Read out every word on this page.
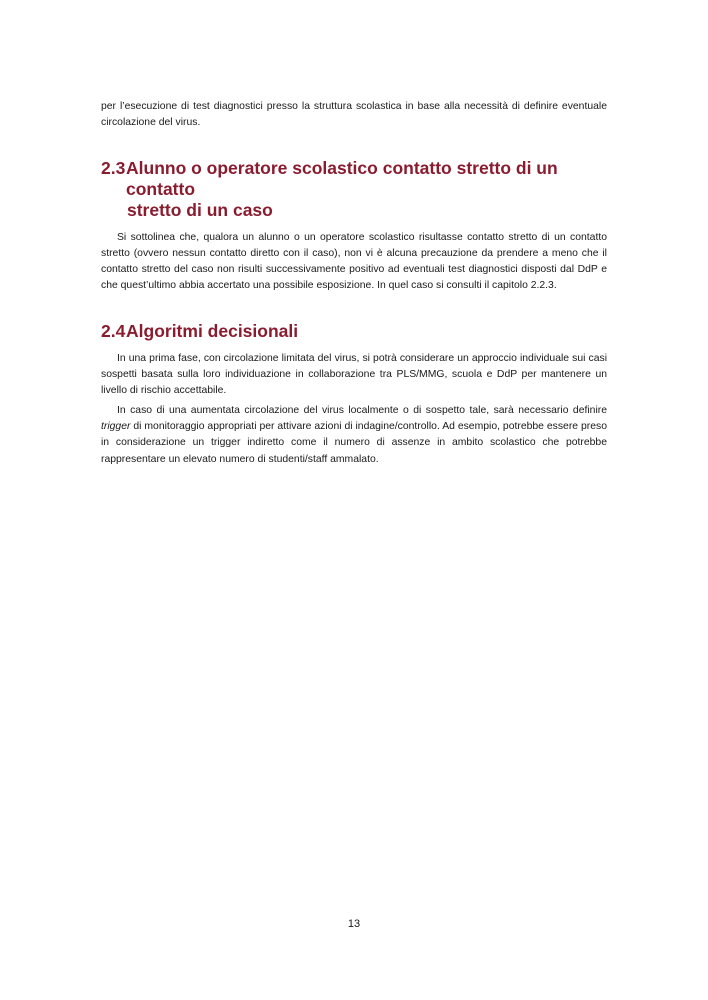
per l’esecuzione di test diagnostici presso la struttura scolastica in base alla necessità di definire eventuale circolazione del virus.

2.3 Alunno o operatore scolastico contatto stretto di un contatto
stretto di un caso

Si sottolinea che, qualora un alunno o un operatore scolastico risultasse contatto stretto di un contatto stretto (ovvero nessun contatto diretto con il caso), non vi è alcuna precauzione da prendere a meno che il contatto stretto del caso non risulti successivamente positivo ad eventuali test diagnostici disposti dal DdP e che quest’ultimo abbia accertato una possibile esposizione. In quel caso si consulti il capitolo 2.2.3.

2.4 Algoritmi decisionali

In una prima fase, con circolazione limitata del virus, si potrà considerare un approccio individuale sui casi sospetti basata sulla loro individuazione in collaborazione tra PLS/MMG, scuola e DdP per mantenere un livello di rischio accettabile.

In caso di una aumentata circolazione del virus localmente o di sospetto tale, sarà necessario definire trigger di monitoraggio appropriati per attivare azioni di indagine/controllo. Ad esempio, potrebbe essere preso in considerazione un trigger indiretto come il numero di assenze in ambito scolastico che potrebbe rappresentare un elevato numero di studenti/staff ammalato.

13
